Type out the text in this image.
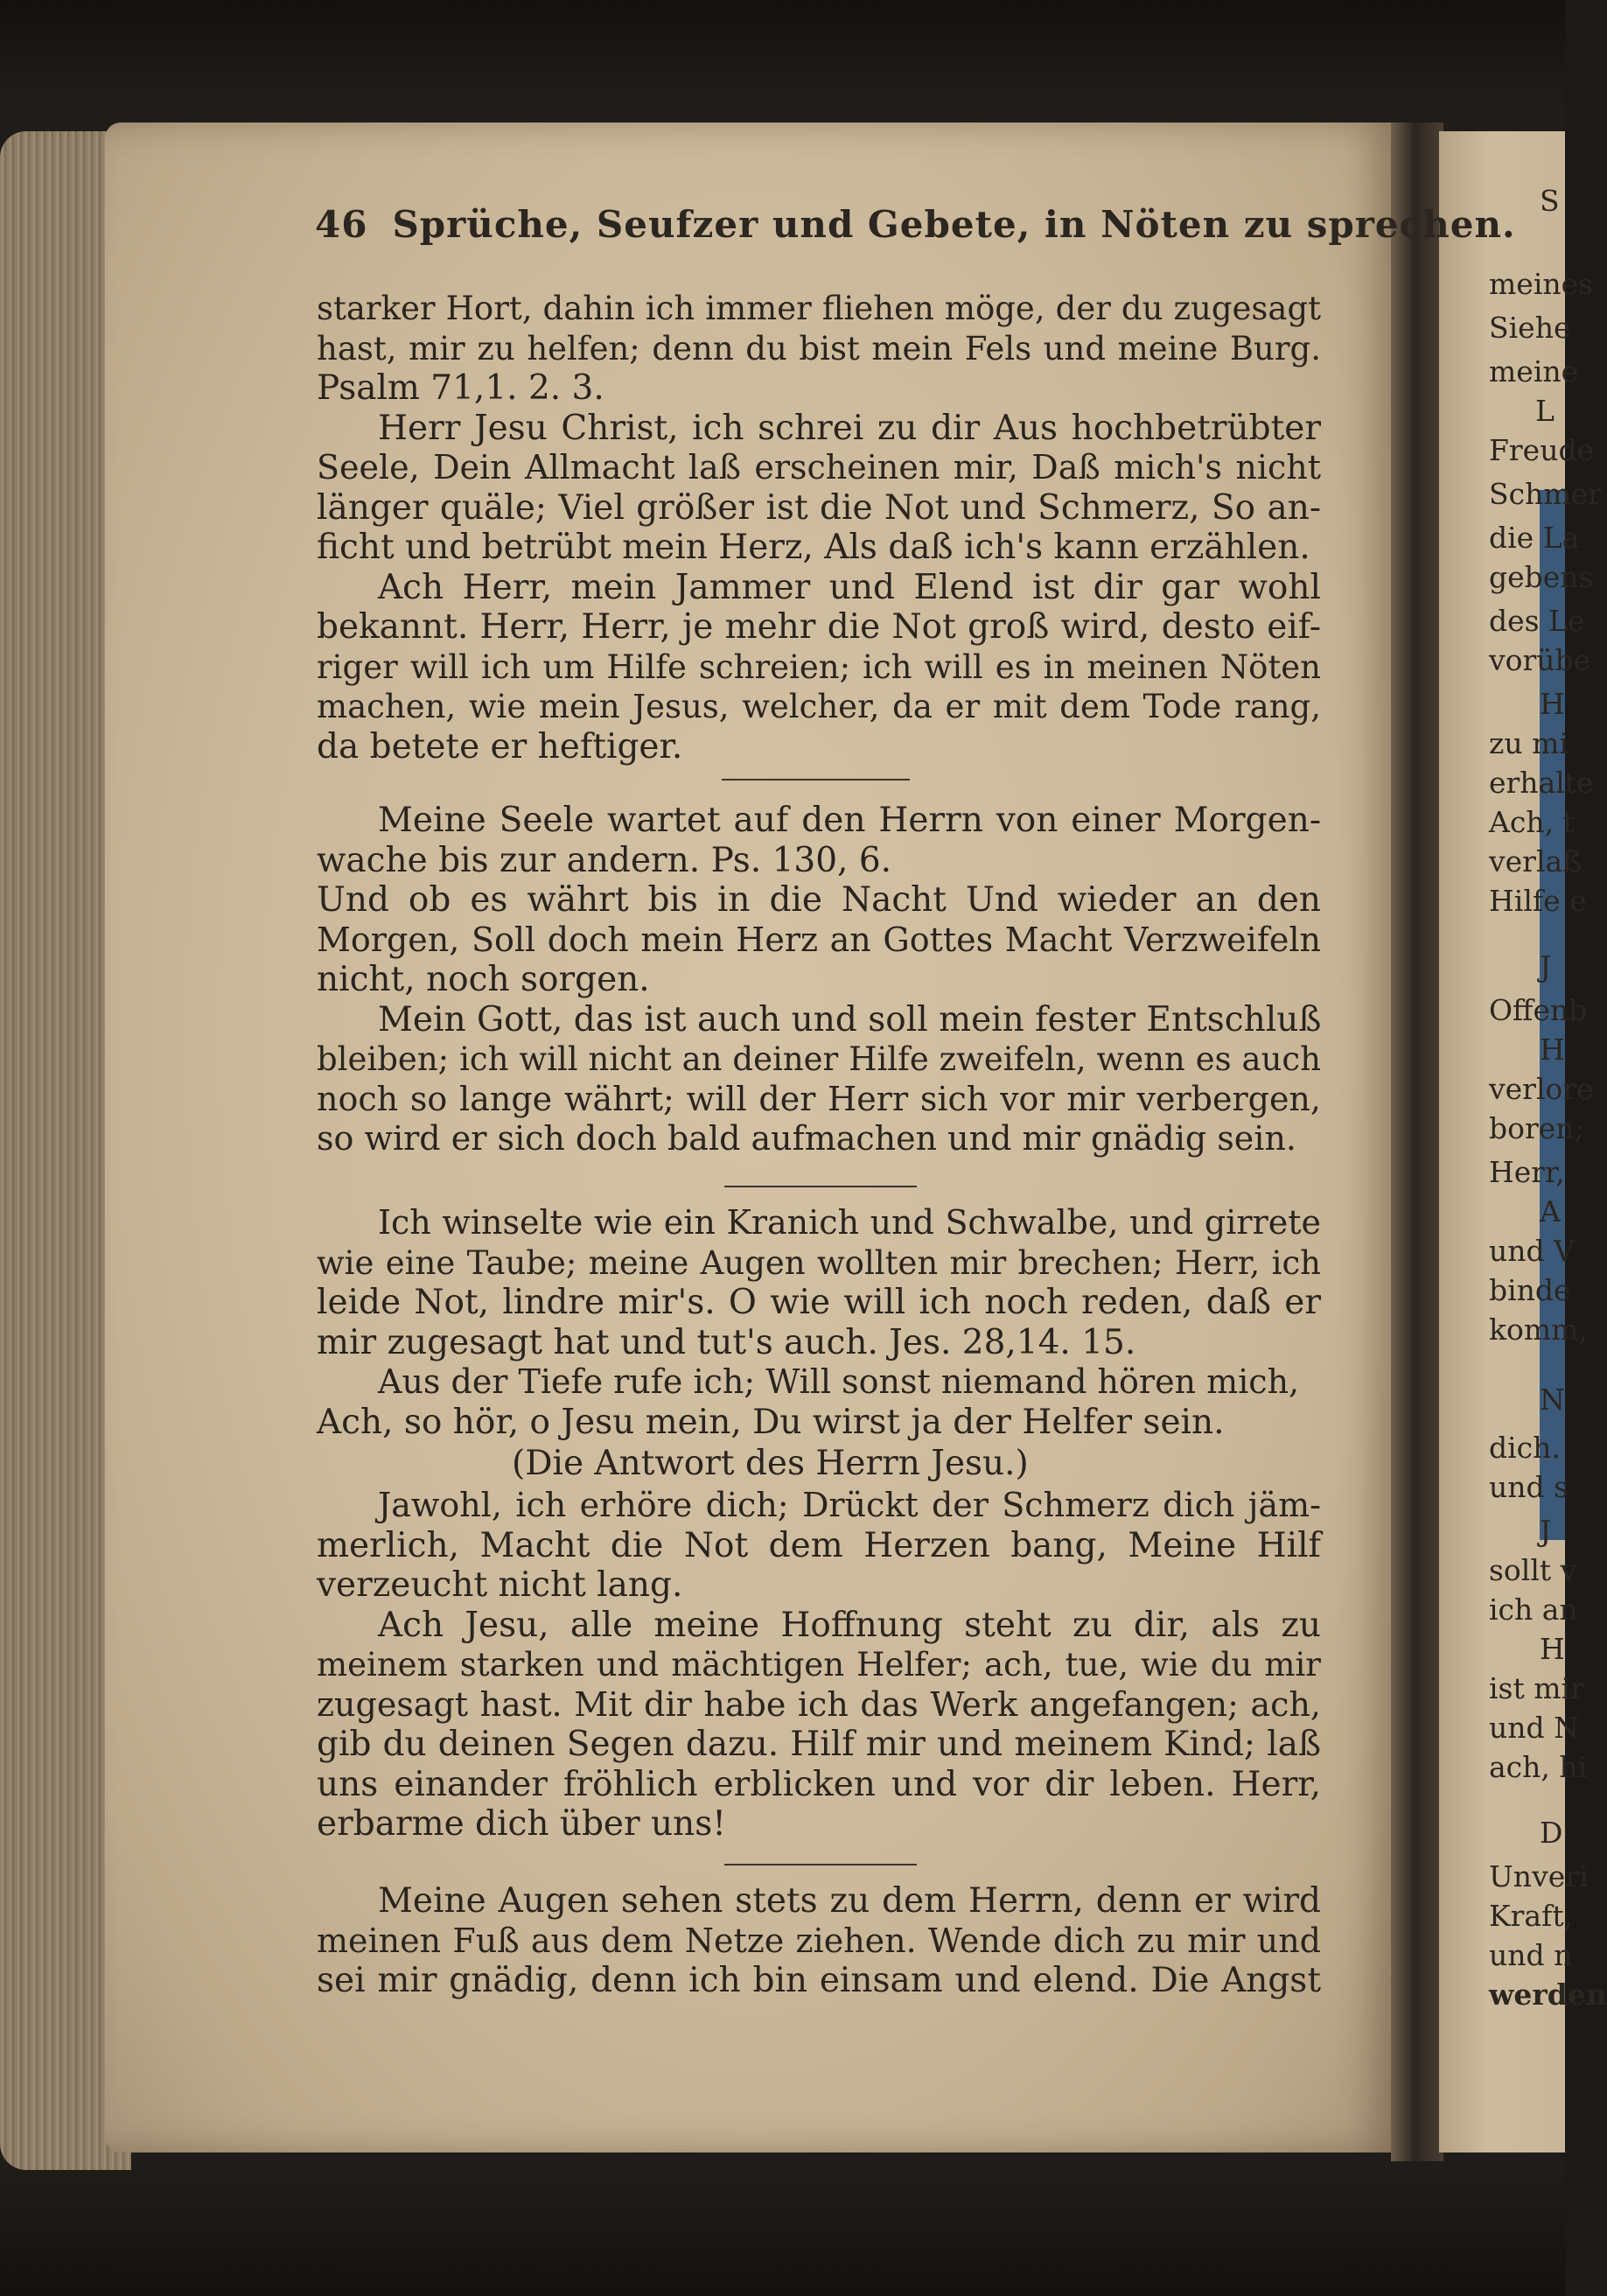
46 Sprüche, Seufzer und Gebete, in Nöten zu sprechen.
starker Hort, dahin ich immer fliehen möge, der du zugesagt
hast, mir zu helfen; denn du bist mein Fels und meine Burg.
Psalm 71,1. 2. 3.
Herr Jesu Christ, ich schrei zu dir Aus hochbetrübter
Seele, Dein Allmacht laß erscheinen mir, Daß mich's nicht
länger quäle; Viel größer ist die Not und Schmerz, So an-
ficht und betrübt mein Herz, Als daß ich's kann erzählen.
Ach Herr, mein Jammer und Elend ist dir gar wohl
bekannt. Herr, Herr, je mehr die Not groß wird, desto eif-
riger will ich um Hilfe schreien; ich will es in meinen Nöten
machen, wie mein Jesus, welcher, da er mit dem Tode rang,
da betete er heftiger.
Meine Seele wartet auf den Herrn von einer Morgen-
wache bis zur andern. Ps. 130, 6.
Und ob es währt bis in die Nacht Und wieder an den
Morgen, Soll doch mein Herz an Gottes Macht Verzweifeln
nicht, noch sorgen.
Mein Gott, das ist auch und soll mein fester Entschluß
bleiben; ich will nicht an deiner Hilfe zweifeln, wenn es auch
noch so lange währt; will der Herr sich vor mir verbergen,
so wird er sich doch bald aufmachen und mir gnädig sein.
Ich winselte wie ein Kranich und Schwalbe, und girrete
wie eine Taube; meine Augen wollten mir brechen; Herr, ich
leide Not, lindre mir's. O wie will ich noch reden, daß er
mir zugesagt hat und tut's auch. Jes. 28,14. 15.
Aus der Tiefe rufe ich; Will sonst niemand hören mich,
Ach, so hör, o Jesu mein, Du wirst ja der Helfer sein.
(Die Antwort des Herrn Jesu.)
Jawohl, ich erhöre dich; Drückt der Schmerz dich jäm-
merlich, Macht die Not dem Herzen bang, Meine Hilf
verzeucht nicht lang.
Ach Jesu, alle meine Hoffnung steht zu dir, als zu
meinem starken und mächtigen Helfer; ach, tue, wie du mir
zugesagt hast. Mit dir habe ich das Werk angefangen; ach,
gib du deinen Segen dazu. Hilf mir und meinem Kind; laß
uns einander fröhlich erblicken und vor dir leben. Herr,
erbarme dich über uns!
Meine Augen sehen stets zu dem Herrn, denn er wird
meinen Fuß aus dem Netze ziehen. Wende dich zu mir und
sei mir gnädig, denn ich bin einsam und elend. Die Angst
S
meines
Siehe
meine
L
Freude
Schmer
die La
gebens
des Le
vorübe
H
zu mi
erhalte
Ach, t
verlaß
Hilfe e
J
Offenb
H
verlore
boren;
Herr,
A
und V
binde
komm,
N
dich.
und s
J
sollt v
ich an
H
ist mir
und N
ach, hi
D
Unveri
Kraft,
und n
werden
